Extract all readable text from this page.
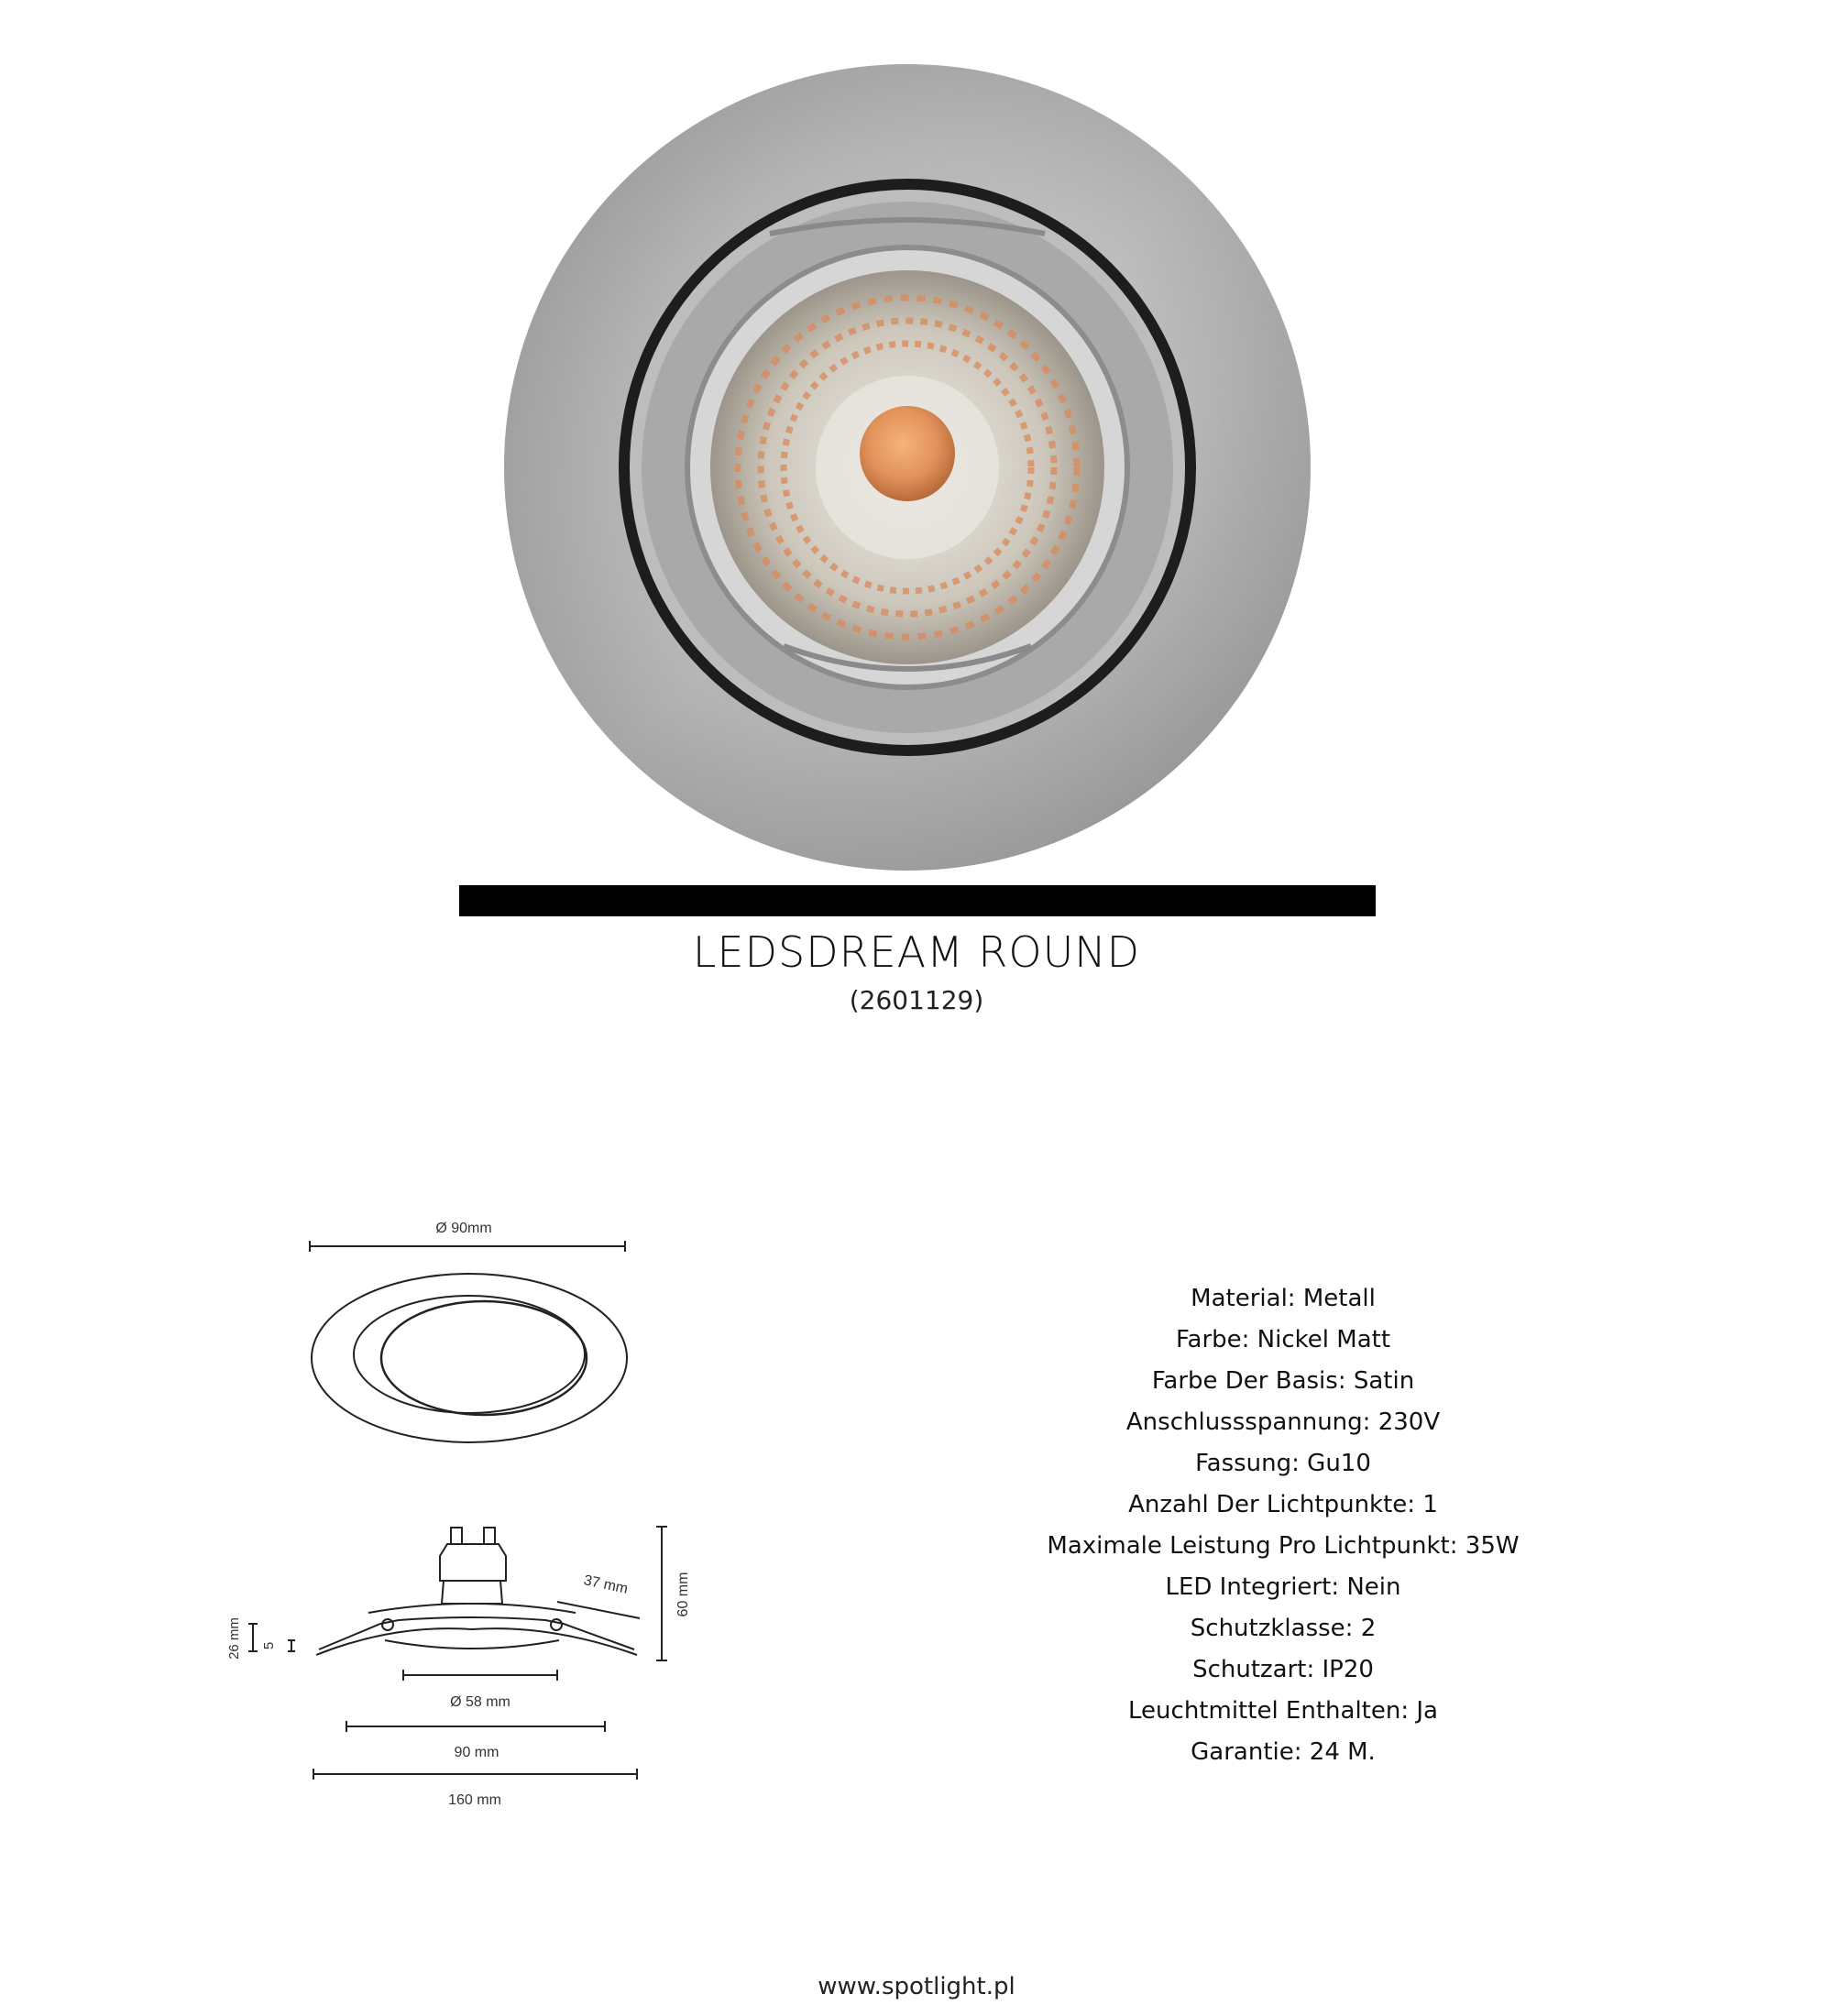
LEDSDREAM ROUND
(2601129)
Ø 90mm
60 mm
37 mm
26 mm 5
Ø 58 mm
90 mm
160 mm
Material: Metall
Farbe: Nickel Matt
Farbe Der Basis: Satin
Anschlussspannung: 230V
Fassung: Gu10
Anzahl Der Lichtpunkte: 1
Maximale Leistung Pro Lichtpunkt: 35W
LED Integriert: Nein
Schutzklasse: 2
Schutzart: IP20
Leuchtmittel Enthalten: Ja
Garantie: 24 M.
www.spotlight.pl
